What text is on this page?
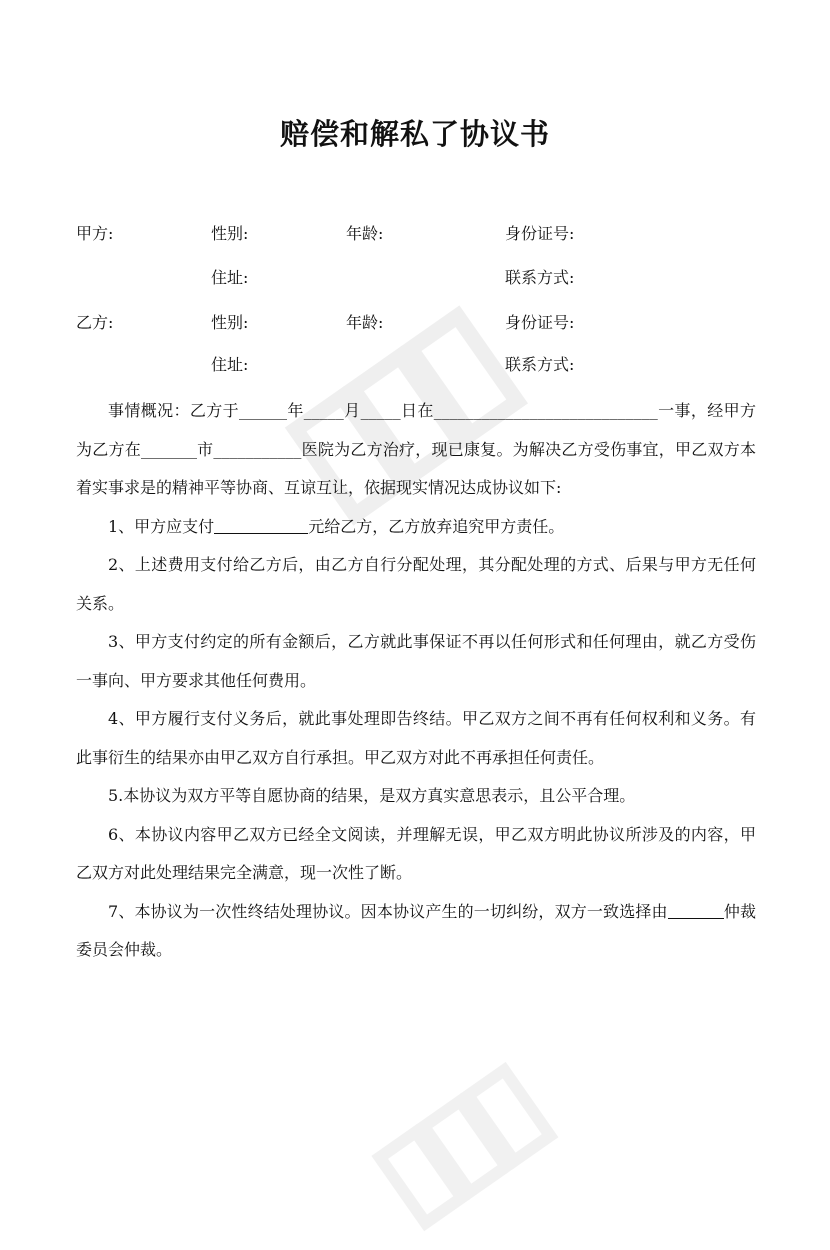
赔偿和解私了协议书
甲方:	性别:	年龄:	身份证号:
住址:	联系方式:
乙方:	性别:	年龄:	身份证号:
住址:	联系方式:

事情概况：乙方于______年_____月_____日在____________________________一事，经甲方为乙方在_______市___________医院为乙方治疗，现已康复。为解决乙方受伤事宜，甲乙双方本着实事求是的精神平等协商、互谅互让，依据现实情况达成协议如下:

1、甲方应支付	元给乙方，乙方放弃追究甲方责任。

2、上述费用支付给乙方后，由乙方自行分配处理，其分配处理的方式、后果与甲方无任何关系。

3、甲方支付约定的所有金额后，乙方就此事保证不再以任何形式和任何理由，就乙方受伤一事向、甲方要求其他任何费用。

4、甲方履行支付义务后，就此事处理即告终结。甲乙双方之间不再有任何权利和义务。有此事衍生的结果亦由甲乙双方自行承担。甲乙双方对此不再承担任何责任。

5.本协议为双方平等自愿协商的结果，是双方真实意思表示，且公平合理。

6、本协议内容甲乙双方已经全文阅读，并理解无误，甲乙双方明此协议所涉及的内容，甲乙双方对此处理结果完全满意，现一次性了断。

7、本协议为一次性终结处理协议。因本协议产生的一切纠纷，双方一致选择由	仲裁委员会仲裁。
